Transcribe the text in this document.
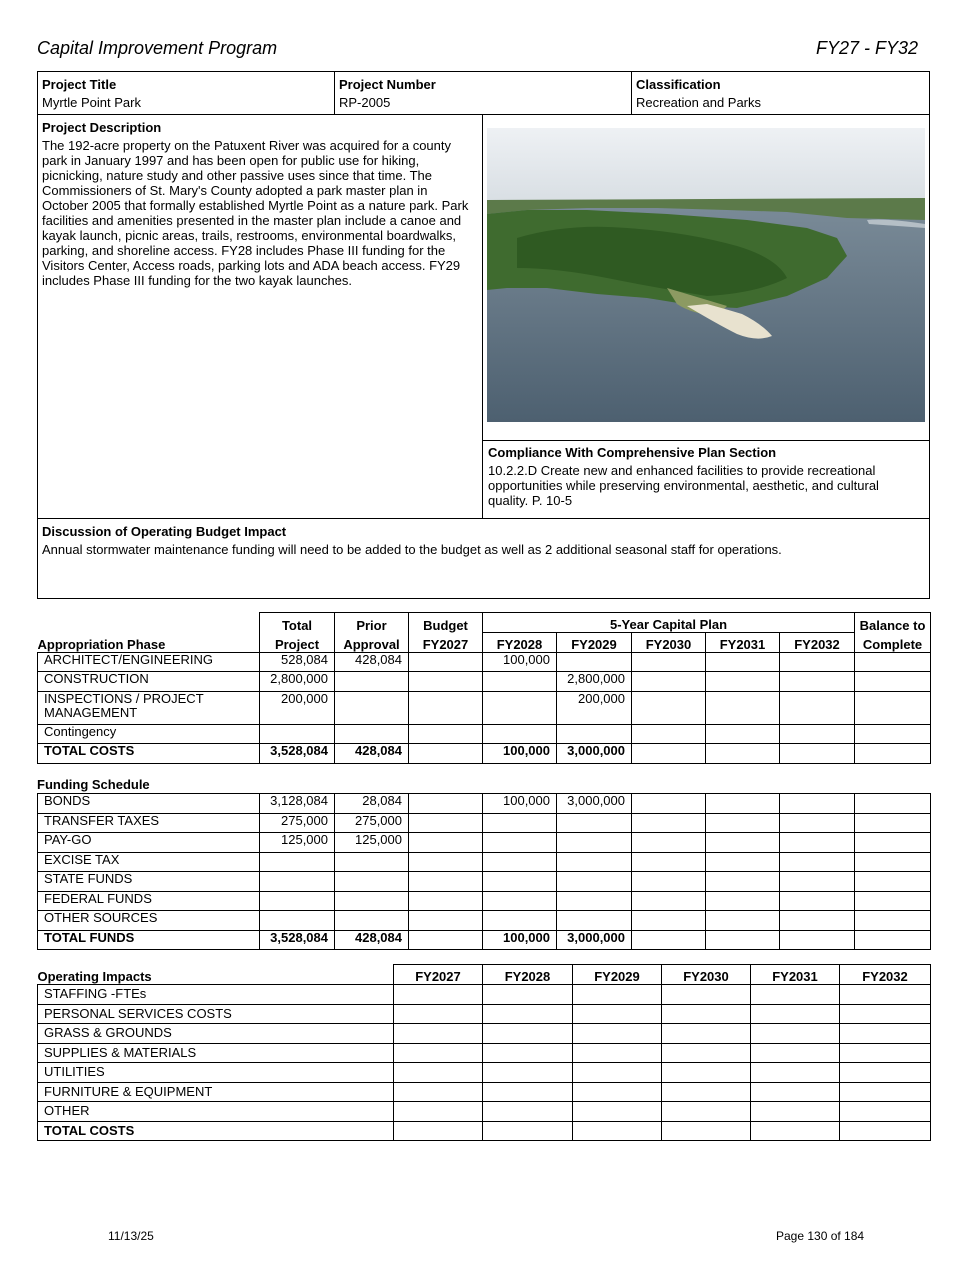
Capital Improvement Program	FY27 - FY32
Project Title
Myrtle Point Park
Project Number
RP-2005
Classification
Recreation and Parks
Project Description
The 192-acre property on the Patuxent River was acquired for a county
park in January 1997 and has been open for public use for hiking,
picnicking, nature study and other passive uses since that time. The
Commissioners of St. Mary's County adopted a park master plan in
October 2005 that formally established Myrtle Point as a nature park. Park
facilities and amenities presented in the master plan include a canoe and
kayak launch, picnic areas, trails, restrooms, environmental boardwalks,
parking, and shoreline access. FY28 includes Phase III funding for the
Visitors Center, Access roads, parking lots and ADA beach access. FY29
includes Phase III funding for the two kayak launches.
Compliance With Comprehensive Plan Section
10.2.2.D Create new and enhanced facilities to provide recreational
opportunities while preserving environmental, aesthetic, and cultural
quality. P. 10-5
Discussion of Operating Budget Impact
Annual stormwater maintenance funding will need to be added to the budget as well as 2 additional seasonal staff for operations.
Appropriation Phase	Total	Prior	Budget	5-Year Capital Plan					Balance to
	Project	Approval	FY2027	FY2028	FY2029	FY2030	FY2031	FY2032	Complete

ARCHITECT/ENGINEERING	528,084	428,084		100,000					

CONSTRUCTION	2,800,000				2,800,000				

INSPECTIONS / PROJECT
MANAGEMENT	200,000				200,000				

Contingency									

TOTAL COSTS	3,528,084	428,084		100,000	3,000,000				
Funding Schedule
BONDS	3,128,084	28,084		100,000	3,000,000				

TRANSFER TAXES	275,000	275,000							

PAY-GO	125,000	125,000							

EXCISE TAX									

STATE FUNDS									

FEDERAL FUNDS									

OTHER SOURCES									

TOTAL FUNDS	3,528,084	428,084		100,000	3,000,000				
Operating Impacts	FY2027	FY2028	FY2029	FY2030	FY2031	FY2032
STAFFING -FTEs						
PERSONAL SERVICES COSTS						
GRASS & GROUNDS						
SUPPLIES & MATERIALS						
UTILITIES						
FURNITURE & EQUIPMENT						
OTHER						
TOTAL COSTS						
11/13/25	Page 130 of 184
